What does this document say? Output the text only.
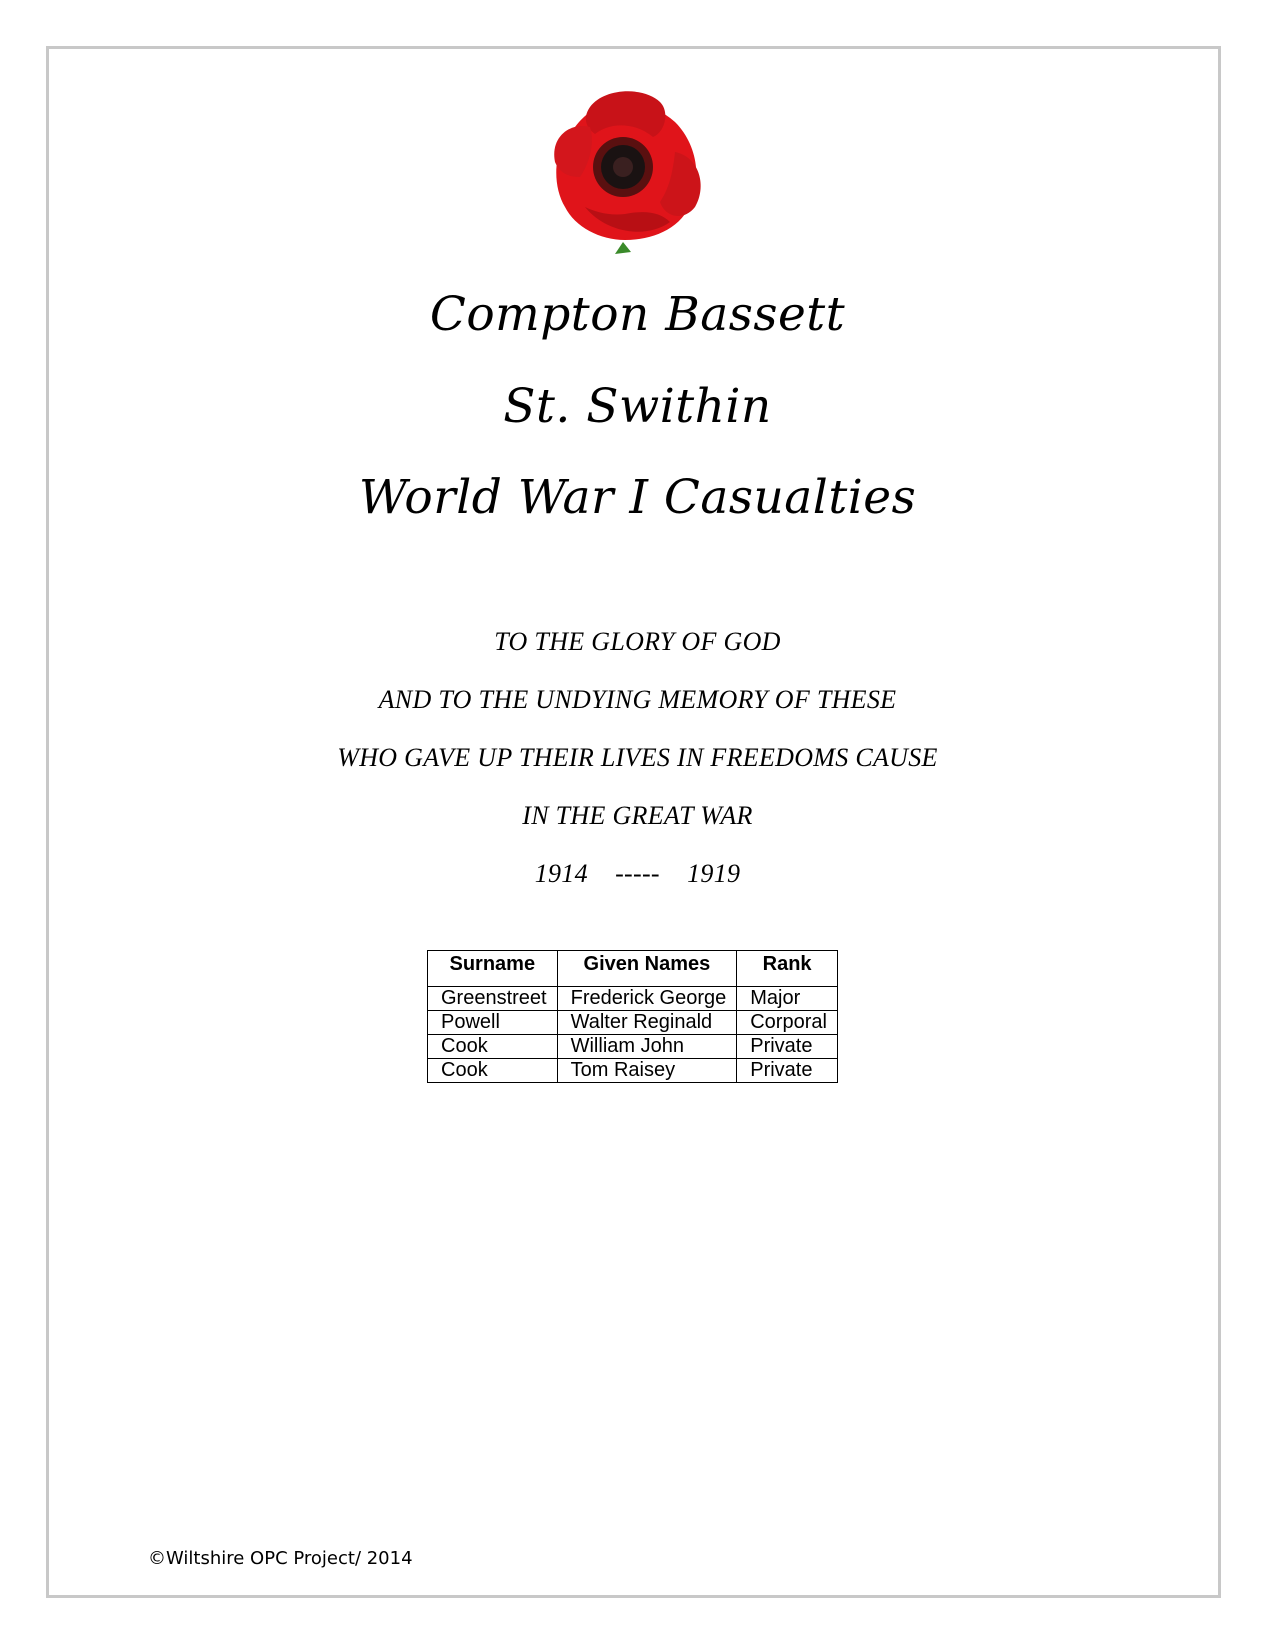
Compton Bassett
St. Swithin
World War I Casualties
TO THE GLORY OF GOD
AND TO THE UNDYING MEMORY OF THESE
WHO GAVE UP THEIR LIVES IN FREEDOMS CAUSE
IN THE GREAT WAR
1914 ----- 1919
Surname	Given Names	Rank
Greenstreet	Frederick George	Major
Powell	Walter Reginald	Corporal
Cook	William John	Private
Cook	Tom Raisey	Private
©Wiltshire OPC Project/ 2014
